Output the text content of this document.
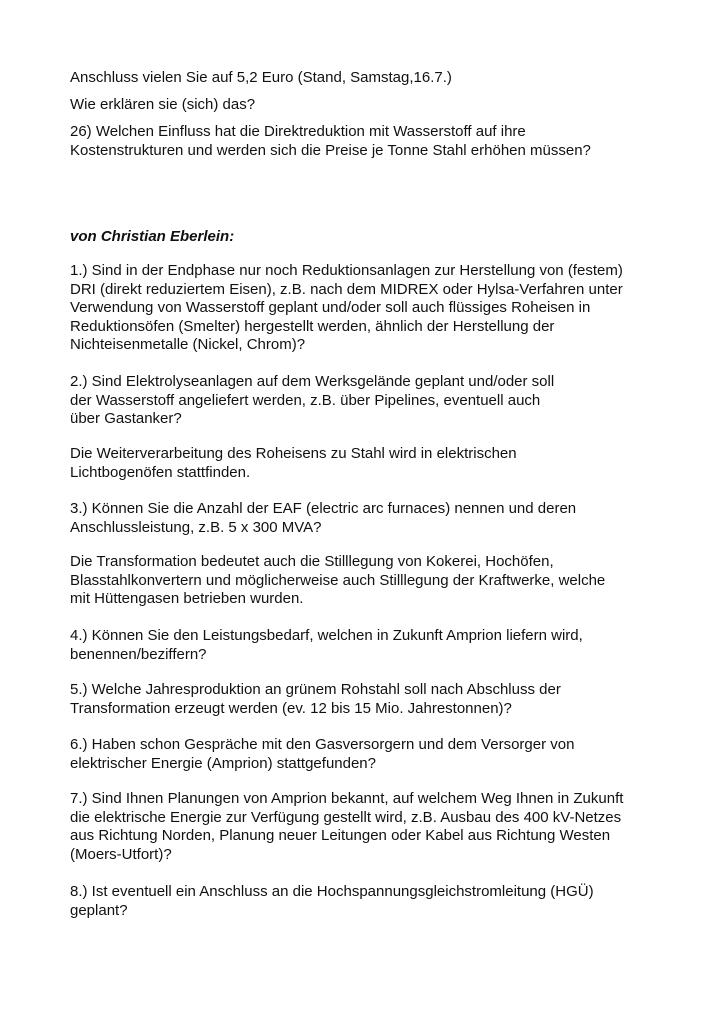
Anschluss vielen Sie auf 5,2 Euro (Stand, Samstag,16.7.)

Wie erklären sie (sich) das?

26) Welchen Einfluss hat die Direktreduktion mit Wasserstoff auf ihre
Kostenstrukturen und werden sich die Preise je Tonne Stahl erhöhen müssen?

von Christian Eberlein:

1.) Sind in der Endphase nur noch Reduktionsanlagen zur Herstellung von (festem)
DRI (direkt reduziertem Eisen), z.B. nach dem MIDREX oder Hylsa-Verfahren unter
Verwendung von Wasserstoff geplant und/oder soll auch flüssiges Roheisen in
Reduktionsöfen (Smelter) hergestellt werden, ähnlich der Herstellung der
Nichteisenmetalle (Nickel, Chrom)?

2.) Sind Elektrolyseanlagen auf dem Werksgelände geplant und/oder soll
der Wasserstoff angeliefert werden, z.B. über Pipelines, eventuell auch
über Gastanker?

Die Weiterverarbeitung des Roheisens zu Stahl wird in elektrischen
Lichtbogenöfen stattfinden.

3.) Können Sie die Anzahl der EAF (electric arc furnaces) nennen und deren
Anschlussleistung, z.B. 5 x 300 MVA?

Die Transformation bedeutet auch die Stilllegung von Kokerei, Hochöfen,
Blasstahlkonvertern und möglicherweise auch Stilllegung der Kraftwerke, welche
mit Hüttengasen betrieben wurden.

4.) Können Sie den Leistungsbedarf, welchen in Zukunft Amprion liefern wird,
benennen/beziffern?

5.) Welche Jahresproduktion an grünem Rohstahl soll nach Abschluss der
Transformation erzeugt werden (ev. 12 bis 15 Mio. Jahrestonnen)?

6.) Haben schon Gespräche mit den Gasversorgern und dem Versorger von
elektrischer Energie (Amprion) stattgefunden?

7.) Sind Ihnen Planungen von Amprion bekannt, auf welchem Weg Ihnen in Zukunft
die elektrische Energie zur Verfügung gestellt wird, z.B. Ausbau des 400 kV-Netzes
aus Richtung Norden, Planung neuer Leitungen oder Kabel aus Richtung Westen
(Moers-Utfort)?

8.) Ist eventuell ein Anschluss an die Hochspannungsgleichstromleitung (HGÜ)
geplant?
